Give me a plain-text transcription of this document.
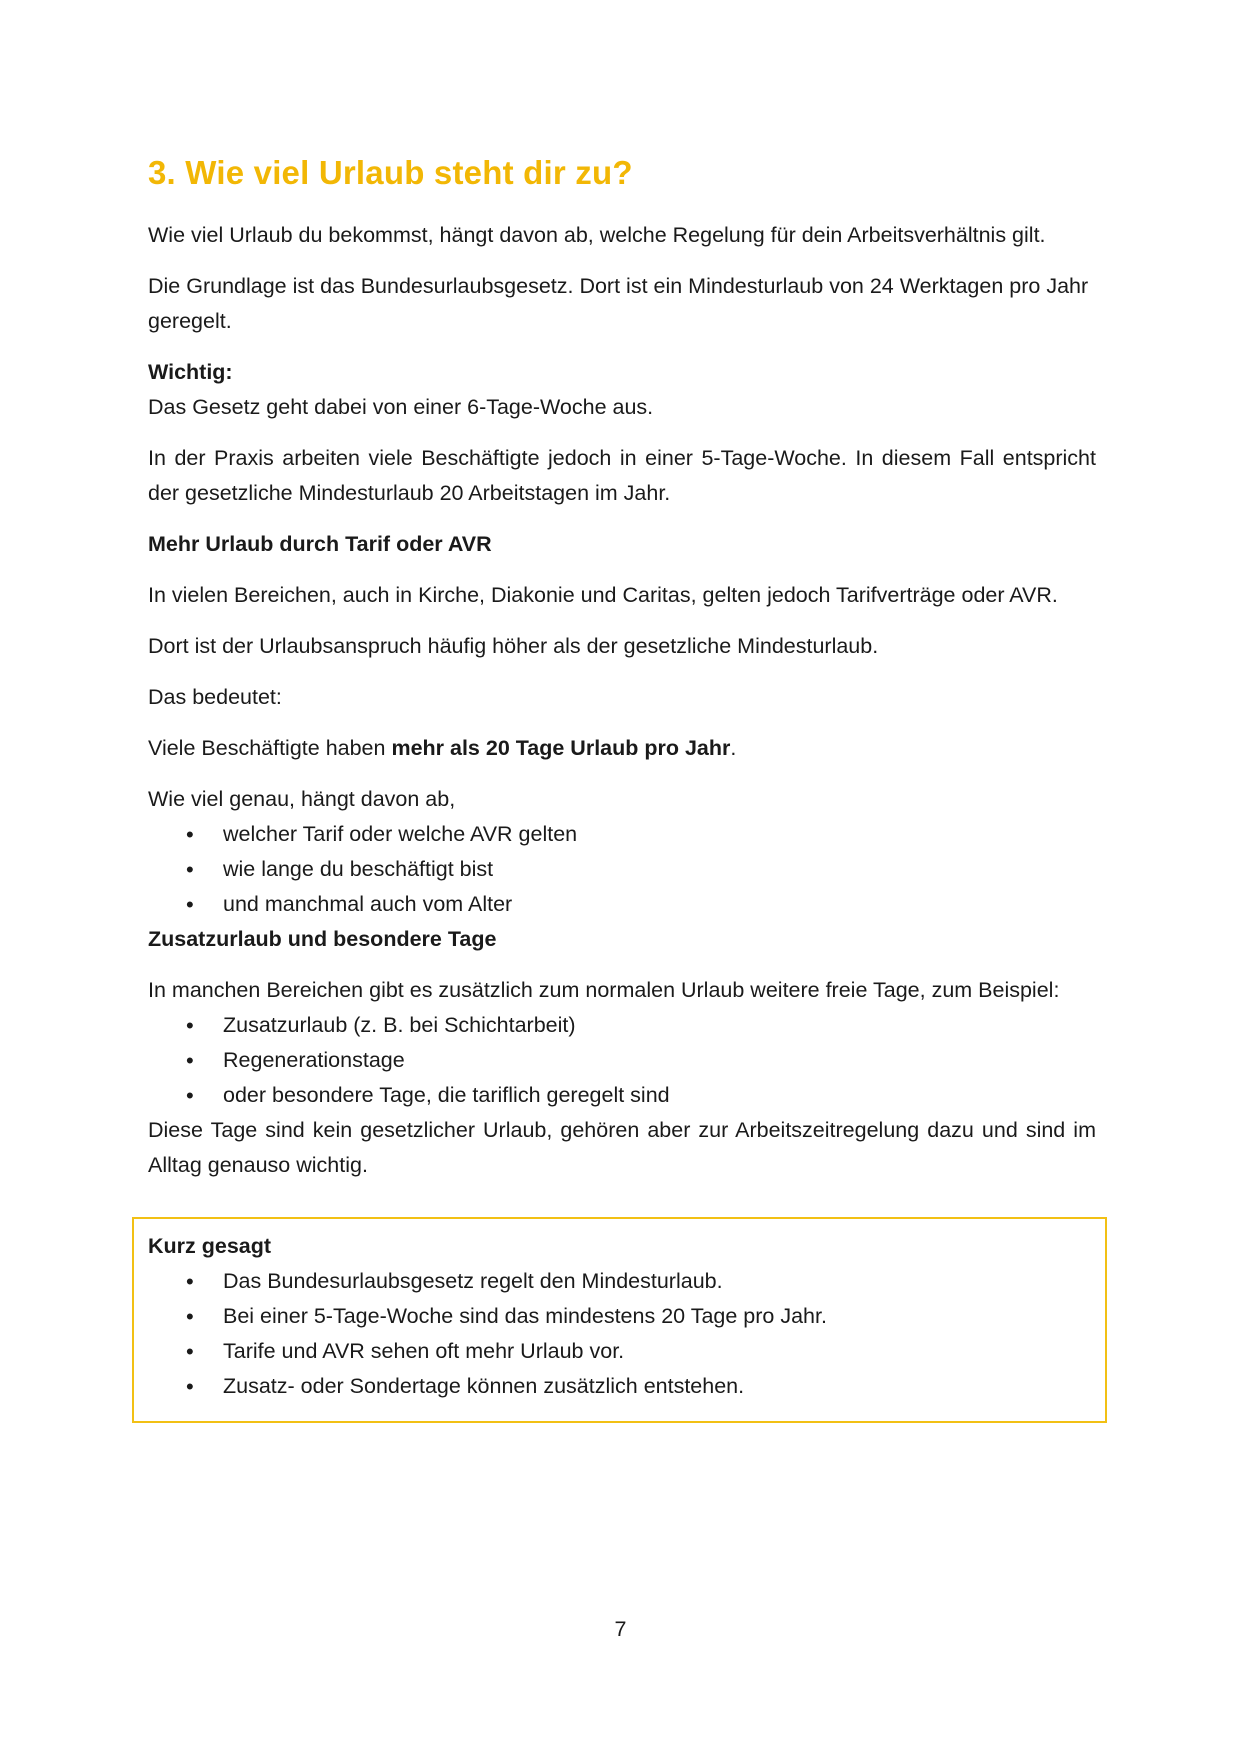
3. Wie viel Urlaub steht dir zu?

Wie viel Urlaub du bekommst, hängt davon ab, welche Regelung für dein Arbeitsverhältnis gilt.

Die Grundlage ist das Bundesurlaubsgesetz. Dort ist ein Mindesturlaub von 24 Werktagen pro Jahr geregelt.

Wichtig:

Das Gesetz geht dabei von einer 6-Tage-Woche aus.

In der Praxis arbeiten viele Beschäftigte jedoch in einer 5-Tage-Woche. In diesem Fall entspricht der gesetzliche Mindesturlaub 20 Arbeitstagen im Jahr.

Mehr Urlaub durch Tarif oder AVR

In vielen Bereichen, auch in Kirche, Diakonie und Caritas, gelten jedoch Tarifverträge oder AVR.

Dort ist der Urlaubsanspruch häufig höher als der gesetzliche Mindesturlaub.

Das bedeutet:

Viele Beschäftigte haben mehr als 20 Tage Urlaub pro Jahr.

Wie viel genau, hängt davon ab,

• welcher Tarif oder welche AVR gelten
• wie lange du beschäftigt bist
• und manchmal auch vom Alter

Zusatzurlaub und besondere Tage

In manchen Bereichen gibt es zusätzlich zum normalen Urlaub weitere freie Tage, zum Beispiel:

• Zusatzurlaub (z. B. bei Schichtarbeit)
• Regenerationstage
• oder besondere Tage, die tariflich geregelt sind

Diese Tage sind kein gesetzlicher Urlaub, gehören aber zur Arbeitszeitregelung dazu und sind im Alltag genauso wichtig.

Kurz gesagt
• Das Bundesurlaubsgesetz regelt den Mindesturlaub.
• Bei einer 5-Tage-Woche sind das mindestens 20 Tage pro Jahr.
• Tarife und AVR sehen oft mehr Urlaub vor.
• Zusatz- oder Sondertage können zusätzlich entstehen.
7
